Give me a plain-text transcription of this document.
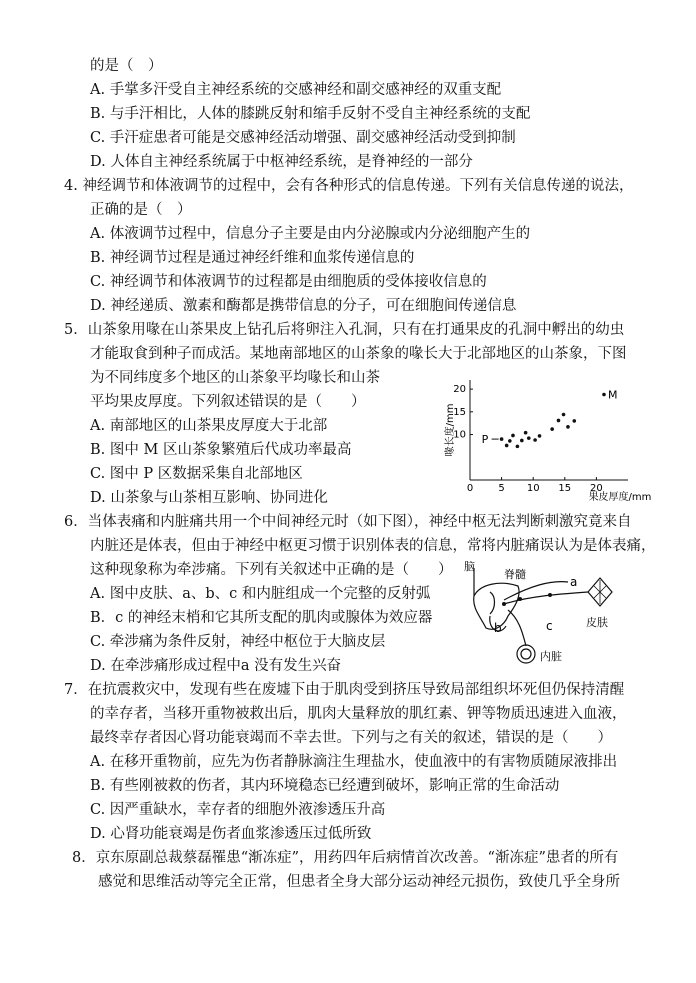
的是（　）
A. 手掌多汗受自主神经系统的交感神经和副交感神经的双重支配
B. 与手汗相比，人体的膝跳反射和缩手反射不受自主神经系统的支配
C. 手汗症患者可能是交感神经活动增强、副交感神经活动受到抑制
D. 人体自主神经系统属于中枢神经系统，是脊神经的一部分
4. 神经调节和体液调节的过程中，会有各种形式的信息传递。下列有关信息传递的说法，
正确的是（　）
A. 体液调节过程中，信息分子主要是由内分泌腺或内分泌细胞产生的
B. 神经调节过程是通过神经纤维和血浆传递信息的
C. 神经调节和体液调节的过程都是由细胞质的受体接收信息的
D. 神经递质、激素和酶都是携带信息的分子，可在细胞间传递信息
5．山茶象用喙在山茶果皮上钻孔后将卵注入孔洞，只有在打通果皮的孔洞中孵出的幼虫
才能取食到种子而成活。某地南部地区的山茶象的喙长大于北部地区的山茶象，下图
为不同纬度多个地区的山茶象平均喙长和山茶
平均果皮厚度。下列叙述错误的是（　　）
A. 南部地区的山茶果皮厚度大于北部
B. 图中 M 区山茶象繁殖后代成功率最高
C. 图中 P 区数据采集自北部地区
D. 山茶象与山茶相互影响、协同进化
0	5 10 15 20
10
15
20
P
M
喙长度/mm
果皮厚度/mm
6．当体表痛和内脏痛共用一个中间神经元时（如下图），神经中枢无法判断刺激究竟来自
内脏还是体表，但由于神经中枢更习惯于识别体表的信息，常将内脏痛误认为是体表痛，
这种现象称为牵涉痛。下列有关叙述中正确的是（　　）
A. 图中皮肤、a、b、c 和内脏组成一个完整的反射弧
B．c 的神经末梢和它其所支配的肌肉或腺体为效应器
C. 牵涉痛为条件反射，神经中枢位于大脑皮层
D. 在牵涉痛形成过程中a 没有发生兴奋
脑
脊髓
a
b	c	皮肤
内脏
7．在抗震救灾中，发现有些在废墟下由于肌肉受到挤压导致局部组织坏死但仍保持清醒
的幸存者，当移开重物被救出后，肌肉大量释放的肌红素、钾等物质迅速进入血液，
最终幸存者因心肾功能衰竭而不幸去世。下列与之有关的叙述，错误的是（　　）
A. 在移开重物前，应先为伤者静脉滴注生理盐水，使血液中的有害物质随尿液排出
B. 有些刚被救的伤者，其内环境稳态已经遭到破坏，影响正常的生命活动
C. 因严重缺水，幸存者的细胞外液渗透压升高
D. 心肾功能衰竭是伤者血浆渗透压过低所致
8．京东原副总裁蔡磊罹患“渐冻症”，用药四年后病情首次改善。“渐冻症”患者的所有
感觉和思维活动等完全正常，但患者全身大部分运动神经元损伤，致使几乎全身所
